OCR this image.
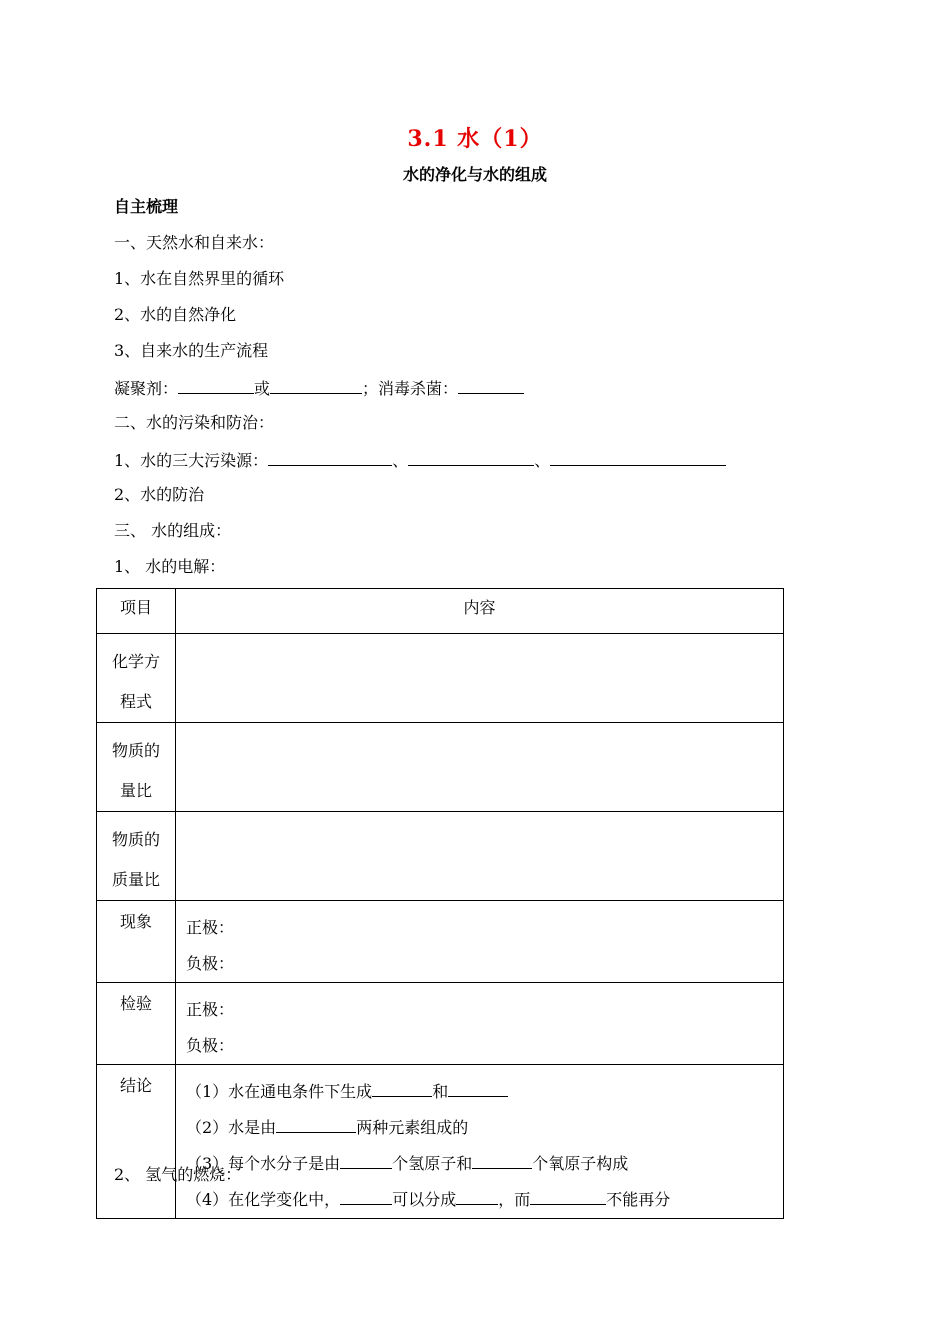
3.1 水（1）
水的净化与水的组成
自主梳理
一、天然水和自来水：
1、水在自然界里的循环
2、水的自然净化
3、自来水的生产流程
凝聚剂：	或	；消毒杀菌：
二、水的污染和防治：
1、水的三大污染源：	、	、
2、水的防治
三、 水的组成：
1、 水的电解：
项目	内容

化学方
程式	

物质的
量比	

物质的
质量比	

现象	正极：
负极：

检验	正极：
负极：

结论	（1）水在通电条件下生成 和
（2）水是由 两种元素组成的
（3）每个水分子是由 个氢原子和 个氧原子构成
（4）在化学变化中， 可以分成 ，而 不能再分
2、 氢气的燃烧：
